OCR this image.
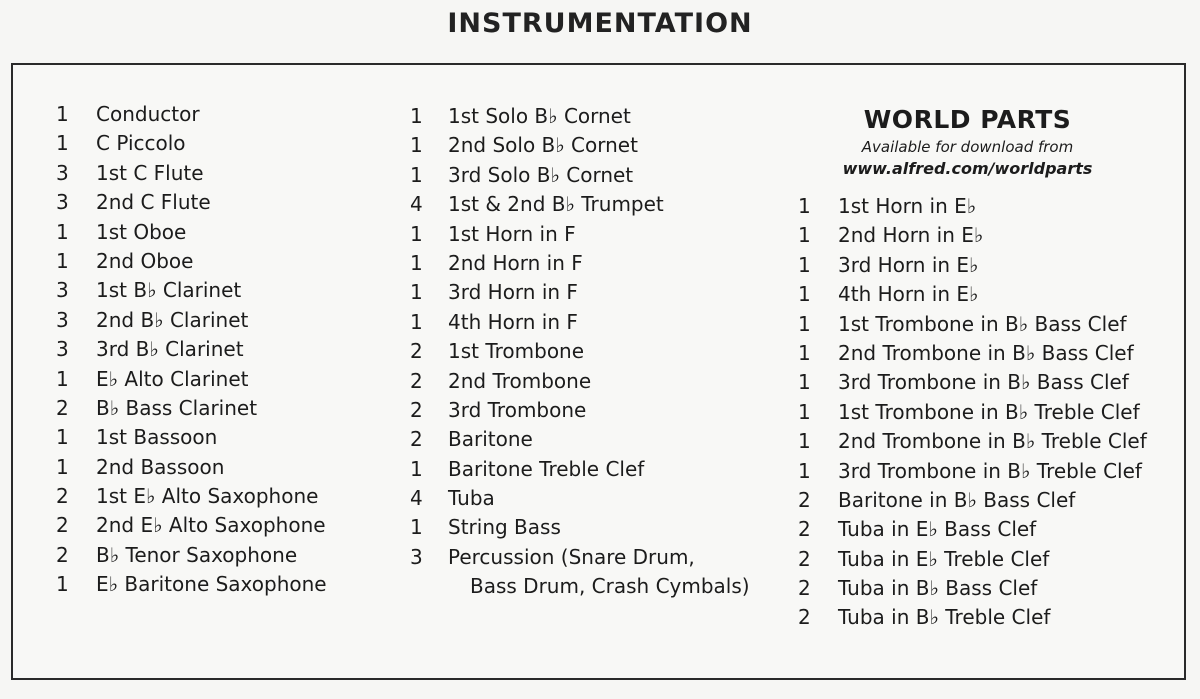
INSTRUMENTATION
1	Conductor
1	C Piccolo
3	1st C Flute
3	2nd C Flute
1	1st Oboe
1	2nd Oboe
3	1st B♭ Clarinet
3	2nd B♭ Clarinet
3	3rd B♭ Clarinet
1	E♭ Alto Clarinet
2	B♭ Bass Clarinet
1	1st Bassoon
1	2nd Bassoon
2	1st E♭ Alto Saxophone
2	2nd E♭ Alto Saxophone
2	B♭ Tenor Saxophone
1	E♭ Baritone Saxophone
1	1st Solo B♭ Cornet
1	2nd Solo B♭ Cornet
1	3rd Solo B♭ Cornet
4	1st & 2nd B♭ Trumpet
1	1st Horn in F
1	2nd Horn in F
1	3rd Horn in F
1	4th Horn in F
2	1st Trombone
2	2nd Trombone
2	3rd Trombone
2	Baritone
1	Baritone Treble Clef
4	Tuba
1	String Bass
3	Percussion (Snare Drum,
Bass Drum, Crash Cymbals)
WORLD PARTS
Available for download from
www.alfred.com/worldparts
1	1st Horn in E♭
1	2nd Horn in E♭
1	3rd Horn in E♭
1	4th Horn in E♭
1	1st Trombone in B♭ Bass Clef
1	2nd Trombone in B♭ Bass Clef
1	3rd Trombone in B♭ Bass Clef
1	1st Trombone in B♭ Treble Clef
1	2nd Trombone in B♭ Treble Clef
1	3rd Trombone in B♭ Treble Clef
2	Baritone in B♭ Bass Clef
2	Tuba in E♭ Bass Clef
2	Tuba in E♭ Treble Clef
2	Tuba in B♭ Bass Clef
2	Tuba in B♭ Treble Clef
